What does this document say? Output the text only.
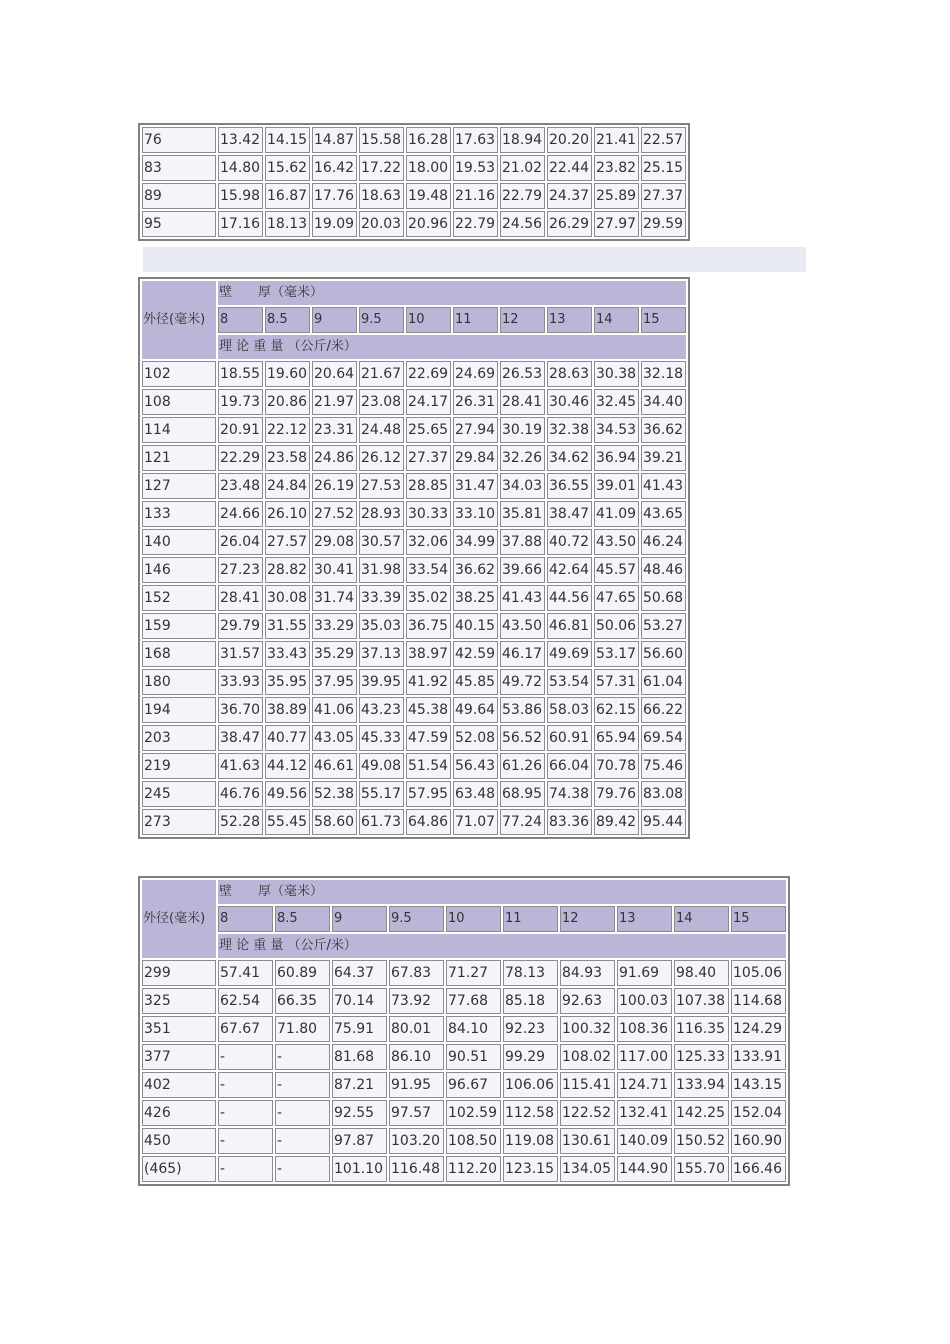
76	13.42	14.15	14.87	15.58	16.28	17.63	18.94	20.20	21.41	22.57
83	14.80	15.62	16.42	17.22	18.00	19.53	21.02	22.44	23.82	25.15
89	15.98	16.87	17.76	18.63	19.48	21.16	22.79	24.37	25.89	27.37
95	17.16	18.13	19.09	20.03	20.96	22.79	24.56	26.29	27.97	29.59
外径(毫米)	壁　　厚（毫米）									
	8	8.5	9	9.5	10	11	12	13	14	15
	理 论 重 量 （公斤/米）									
102	18.55	19.60	20.64	21.67	22.69	24.69	26.53	28.63	30.38	32.18
108	19.73	20.86	21.97	23.08	24.17	26.31	28.41	30.46	32.45	34.40
114	20.91	22.12	23.31	24.48	25.65	27.94	30.19	32.38	34.53	36.62
121	22.29	23.58	24.86	26.12	27.37	29.84	32.26	34.62	36.94	39.21
127	23.48	24.84	26.19	27.53	28.85	31.47	34.03	36.55	39.01	41.43
133	24.66	26.10	27.52	28.93	30.33	33.10	35.81	38.47	41.09	43.65
140	26.04	27.57	29.08	30.57	32.06	34.99	37.88	40.72	43.50	46.24
146	27.23	28.82	30.41	31.98	33.54	36.62	39.66	42.64	45.57	48.46
152	28.41	30.08	31.74	33.39	35.02	38.25	41.43	44.56	47.65	50.68
159	29.79	31.55	33.29	35.03	36.75	40.15	43.50	46.81	50.06	53.27
168	31.57	33.43	35.29	37.13	38.97	42.59	46.17	49.69	53.17	56.60
180	33.93	35.95	37.95	39.95	41.92	45.85	49.72	53.54	57.31	61.04
194	36.70	38.89	41.06	43.23	45.38	49.64	53.86	58.03	62.15	66.22
203	38.47	40.77	43.05	45.33	47.59	52.08	56.52	60.91	65.94	69.54
219	41.63	44.12	46.61	49.08	51.54	56.43	61.26	66.04	70.78	75.46
245	46.76	49.56	52.38	55.17	57.95	63.48	68.95	74.38	79.76	83.08
273	52.28	55.45	58.60	61.73	64.86	71.07	77.24	83.36	89.42	95.44
外径(毫米)	壁　　厚（毫米）									
	8	8.5	9	9.5	10	11	12	13	14	15
	理 论 重 量 （公斤/米）									
299	57.41	60.89	64.37	67.83	71.27	78.13	84.93	91.69	98.40	105.06
325	62.54	66.35	70.14	73.92	77.68	85.18	92.63	100.03	107.38	114.68
351	67.67	71.80	75.91	80.01	84.10	92.23	100.32	108.36	116.35	124.29
377	-	-	81.68	86.10	90.51	99.29	108.02	117.00	125.33	133.91
402	-	-	87.21	91.95	96.67	106.06	115.41	124.71	133.94	143.15
426	-	-	92.55	97.57	102.59	112.58	122.52	132.41	142.25	152.04
450	-	-	97.87	103.20	108.50	119.08	130.61	140.09	150.52	160.90
(465)	-	-	101.10	116.48	112.20	123.15	134.05	144.90	155.70	166.46
